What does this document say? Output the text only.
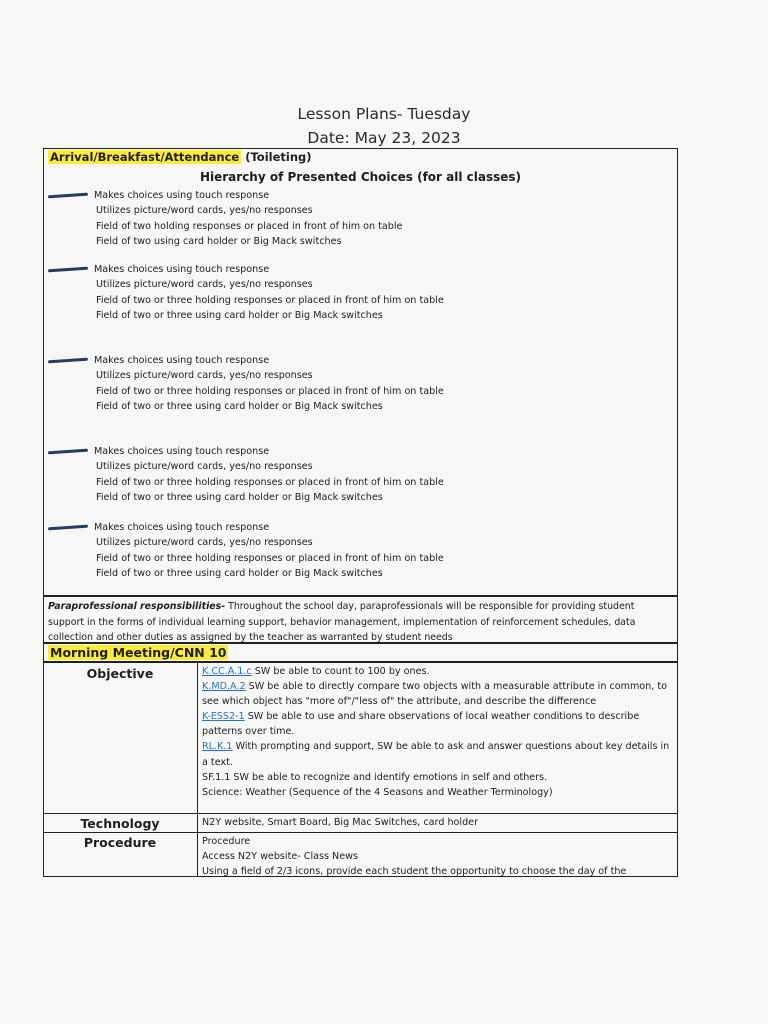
Lesson Plans- Tuesday
Date: May 23, 2023
Arrival/Breakfast/Attendance (Toileting)
Hierarchy of Presented Choices (for all classes)
Makes choices using touch response
Utilizes picture/word cards, yes/no responses
Field of two holding responses or placed in front of him on table
Field of two using card holder or Big Mack switches
Makes choices using touch response
Utilizes picture/word cards, yes/no responses
Field of two or three holding responses or placed in front of him on table
Field of two or three using card holder or Big Mack switches
Makes choices using touch response
Utilizes picture/word cards, yes/no responses
Field of two or three holding responses or placed in front of him on table
Field of two or three using card holder or Big Mack switches
Makes choices using touch response
Utilizes picture/word cards, yes/no responses
Field of two or three holding responses or placed in front of him on table
Field of two or three using card holder or Big Mack switches
Makes choices using touch response
Utilizes picture/word cards, yes/no responses
Field of two or three holding responses or placed in front of him on table
Field of two or three using card holder or Big Mack switches
Paraprofessional responsibilities- Throughout the school day, paraprofessionals will be responsible for providing student support in the forms of individual learning support, behavior management, implementation of reinforcement schedules, data collection and other duties as assigned by the teacher as warranted by student needs
Morning Meeting/CNN 10
Objective	K.CC.A.1.c SW be able to count to 100 by ones.
K.MD.A.2 SW be able to directly compare two objects with a measurable attribute in common, to see which object has "more of"/"less of" the attribute, and describe the difference
K-ESS2-1 SW be able to use and share observations of local weather conditions to describe patterns over time.
RL.K.1 With prompting and support, SW be able to ask and answer questions about key details in a text.
SF.1.1 SW be able to recognize and identify emotions in self and others.
Science: Weather (Sequence of the 4 Seasons and Weather Terminology)
Technology	N2Y website, Smart Board, Big Mac Switches, card holder
Procedure	Procedure
Access N2Y website- Class News
Using a field of 2/3 icons, provide each student the opportunity to choose the day of the
